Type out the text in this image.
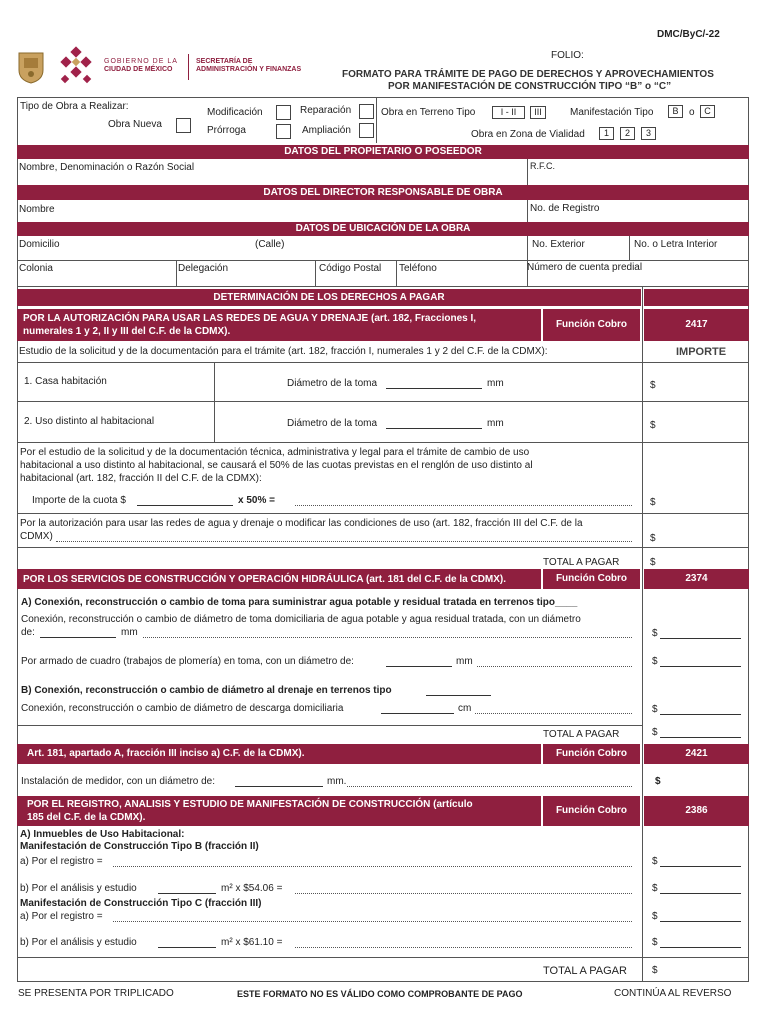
DMC/ByC/-22
GOBIERNO DE LA
CIUDAD DE MÉXICO
SECRETARÍA DE
ADMINISTRACIÓN Y FINANZAS
FOLIO:
FORMATO PARA TRÁMITE DE PAGO DE DERECHOS Y APROVECHAMIENTOS
POR MANIFESTACIÓN DE CONSTRUCCIÓN TIPO “B” o “C”
Tipo de Obra a Realizar:
Obra Nueva
Modificación
Prórroga
Reparación
Ampliación
Obra en Terreno Tipo	I - II	III	Manifestación Tipo	B	o	C
Obra en Zona de Vialidad	1	2	3
DATOS DEL PROPIETARIO O POSEEDOR
Nombre, Denominación o Razón Social	R.F.C.
DATOS DEL DIRECTOR RESPONSABLE DE OBRA
Nombre	No. de Registro
DATOS DE UBICACIÓN DE LA OBRA
Domicilio	(Calle)	No. Exterior	No. o Letra Interior
Colonia	Delegación	Código Postal Teléfono	Número de cuenta predial
DETERMINACIÓN DE LOS DERECHOS A PAGAR
POR LA AUTORIZACIÓN PARA USAR LAS REDES DE AGUA Y DRENAJE (art. 182, Fracciones I,
numerales 1 y 2, II y III del C.F. de la CDMX).
Función Cobro	2417
Estudio de la solicitud y de la documentación para el trámite (art. 182, fracción I, numerales 1 y 2 del C.F. de la CDMX):	IMPORTE
1. Casa habitación	Diámetro de la toma	mm	$
2. Uso distinto al habitacional	Diámetro de la toma	mm	$
Por el estudio de la solicitud y de la documentación técnica, administrativa y legal para el trámite de cambio de uso
habitacional a uso distinto al habitacional, se causará el 50% de las cuotas previstas en el renglón de uso distinto al
habitacional (art. 182, fracción II del C.F. de la CDMX):
Importe de la cuota $	x 50% =	$
Por la autorización para usar las redes de agua y drenaje o modificar las condiciones de uso (art. 182, fracción III del C.F. de la
CDMX)	$
TOTAL A PAGAR	$
POR LOS SERVICIOS DE CONSTRUCCIÓN Y OPERACIÓN HIDRÁULICA (art. 181 del C.F. de la CDMX).	Función Cobro	2374
A) Conexión, reconstrucción o cambio de toma para suministrar agua potable y residual tratada en terrenos tipo____
Conexión, reconstrucción o cambio de diámetro de toma domiciliaria de agua potable y agua residual tratada, con un diámetro
de:	mm	$
Por armado de cuadro (trabajos de plomería) en toma, con un diámetro de:	mm	$
B) Conexión, reconstrucción o cambio de diámetro al drenaje en terrenos tipo
Conexión, reconstrucción o cambio de diámetro de descarga domiciliaria	cm	$
TOTAL A PAGAR	$
Art. 181, apartado A, fracción III inciso a) C.F. de la CDMX).	Función Cobro	2421
Instalación de medidor, con un diámetro de:	mm.	$
POR EL REGISTRO, ANALISIS Y ESTUDIO DE MANIFESTACIÓN DE CONSTRUCCIÓN (artículo
185 del C.F. de la CDMX).
Función Cobro	2386
A) Inmuebles de Uso Habitacional:
Manifestación de Construcción Tipo B (fracción II)
a) Por el registro =	$
b) Por el análisis y estudio	m² x $54.06 =	$
Manifestación de Construcción Tipo C (fracción III)
a) Por el registro =	$
b) Por el análisis y estudio	m² x $61.10 =	$
TOTAL A PAGAR	$
SE PRESENTA POR TRIPLICADO	ESTE FORMATO NO ES VÁLIDO COMO COMPROBANTE DE PAGO	CONTINÚA AL REVERSO
